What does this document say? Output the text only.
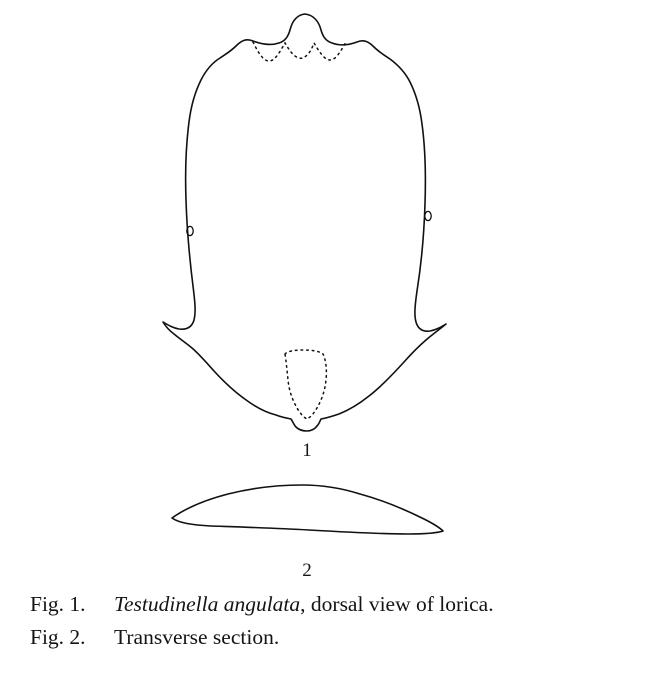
1
2
Fig. 1. Testudinella angulata, dorsal view of lorica.
Fig. 2. Transverse section.
